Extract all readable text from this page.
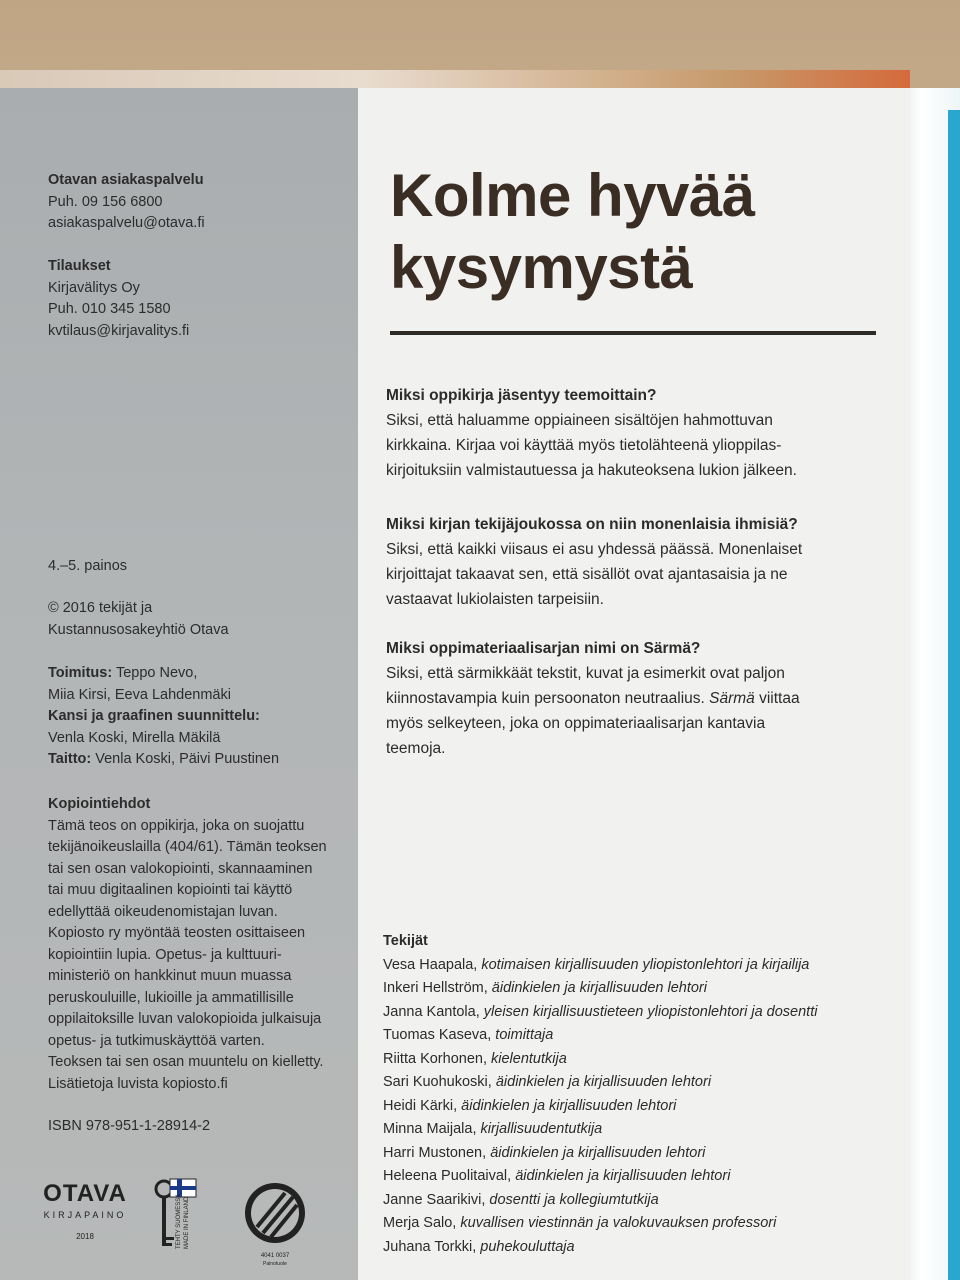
Otavan asiakaspalvelu

Puh. 09 156 6800

asiakaspalvelu@otava.fi

Tilaukset

Kirjavälitys Oy

Puh. 010 345 1580

kvtilaus@kirjavalitys.fi

4.–5. painos

© 2016 tekijät ja

Kustannusosakeyhtiö Otava

Toimitus: Teppo Nevo,

Miia Kirsi, Eeva Lahdenmäki

Kansi ja graafinen suunnittelu:

Venla Koski, Mirella Mäkilä

Taitto: Venla Koski, Päivi Puustinen

Kopiointiehdot

Tämä teos on oppikirja, joka on suojattu

tekijänoikeuslailla (404/61). Tämän teoksen

tai sen osan valokopiointi, skannaaminen

tai muu digitaalinen kopiointi tai käyttö

edellyttää oikeudenomistajan luvan.

Kopiosto ry myöntää teosten osittaiseen

kopiointiin lupia. Opetus- ja kulttuuri-

ministeriö on hankkinut muun muassa

peruskouluille, lukioille ja ammatillisille

oppilaitoksille luvan valokopioida julkaisuja

opetus- ja tutkimuskäyttöä varten.

Teoksen tai sen osan muuntelu on kielletty.

Lisätietoja luvista kopiosto.fi

ISBN 978-951-1-28914-2

OTAVA
KIRJAPAINO
2018	TEHTY SUOMESSA MADE IN FINLAND
4041 0037
Painotuote
Kolme hyvää
kysymystä

Miksi oppikirja jäsentyy teemoittain?

Siksi, että haluamme oppiaineen sisältöjen hahmottuvan

kirkkaina. Kirjaa voi käyttää myös tietolähteenä ylioppilas-

kirjoituksiin valmistautuessa ja hakuteoksena lukion jälkeen.

Miksi kirjan tekijäjoukossa on niin monenlaisia ihmisiä?

Siksi, että kaikki viisaus ei asu yhdessä päässä. Monenlaiset

kirjoittajat takaavat sen, että sisällöt ovat ajantasaisia ja ne

vastaavat lukiolaisten tarpeisiin.

Miksi oppimateriaalisarjan nimi on Särmä?

Siksi, että särmikkäät tekstit, kuvat ja esimerkit ovat paljon

kiinnostavampia kuin persoonaton neutraalius. Särmä viittaa

myös selkeyteen, joka on oppimateriaalisarjan kantavia

teemoja.

Tekijät
Vesa Haapala, kotimaisen kirjallisuuden yliopistonlehtori ja kirjailija
Inkeri Hellström, äidinkielen ja kirjallisuuden lehtori
Janna Kantola, yleisen kirjallisuustieteen yliopistonlehtori ja dosentti
Tuomas Kaseva, toimittaja
Riitta Korhonen, kielentutkija
Sari Kuohukoski, äidinkielen ja kirjallisuuden lehtori
Heidi Kärki, äidinkielen ja kirjallisuuden lehtori
Minna Maijala, kirjallisuudentutkija
Harri Mustonen, äidinkielen ja kirjallisuuden lehtori
Heleena Puolitaival, äidinkielen ja kirjallisuuden lehtori
Janne Saarikivi, dosentti ja kollegiumtutkija
Merja Salo, kuvallisen viestinnän ja valokuvauksen professori
Juhana Torkki, puhekouluttaja
